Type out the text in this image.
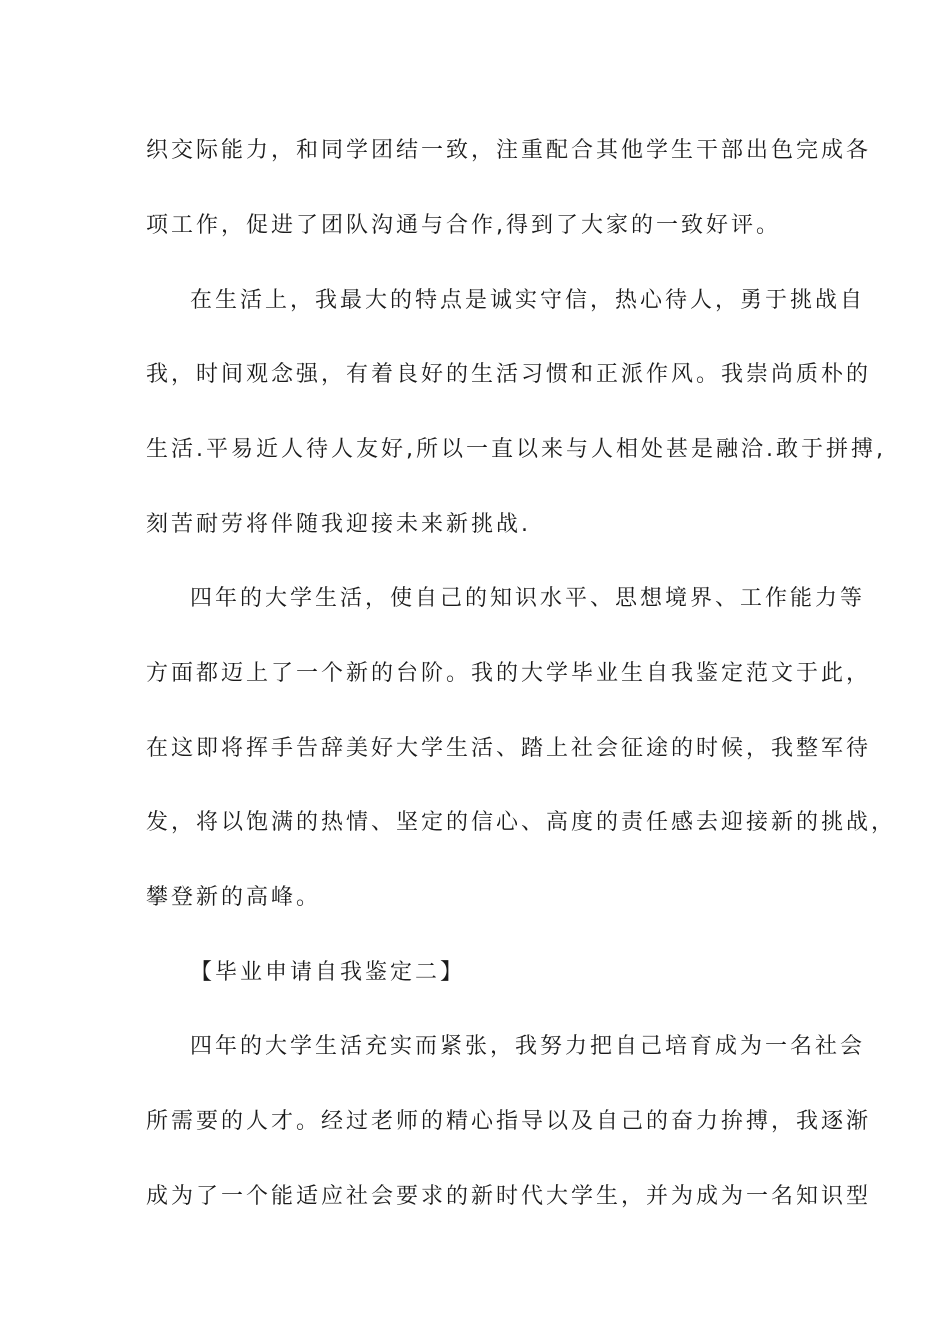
织交际能力，和同学团结一致，注重配合其他学生干部出色完成各
项工作，促进了团队沟通与合作,得到了大家的一致好评。
在生活上，我最大的特点是诚实守信，热心待人，勇于挑战自
我，时间观念强，有着良好的生活习惯和正派作风。我崇尚质朴的
生活.平易近人待人友好,所以一直以来与人相处甚是融洽.敢于拼搏,
刻苦耐劳将伴随我迎接未来新挑战.
四年的大学生活，使自己的知识水平、思想境界、工作能力等
方面都迈上了一个新的台阶。我的大学毕业生自我鉴定范文于此，
在这即将挥手告辞美好大学生活、踏上社会征途的时候，我整军待
发，将以饱满的热情、坚定的信心、高度的责任感去迎接新的挑战，
攀登新的高峰。
【毕业申请自我鉴定二】
四年的大学生活充实而紧张，我努力把自己培育成为一名社会
所需要的人才。经过老师的精心指导以及自己的奋力拚搏，我逐渐
成为了一个能适应社会要求的新时代大学生，并为成为一名知识型
